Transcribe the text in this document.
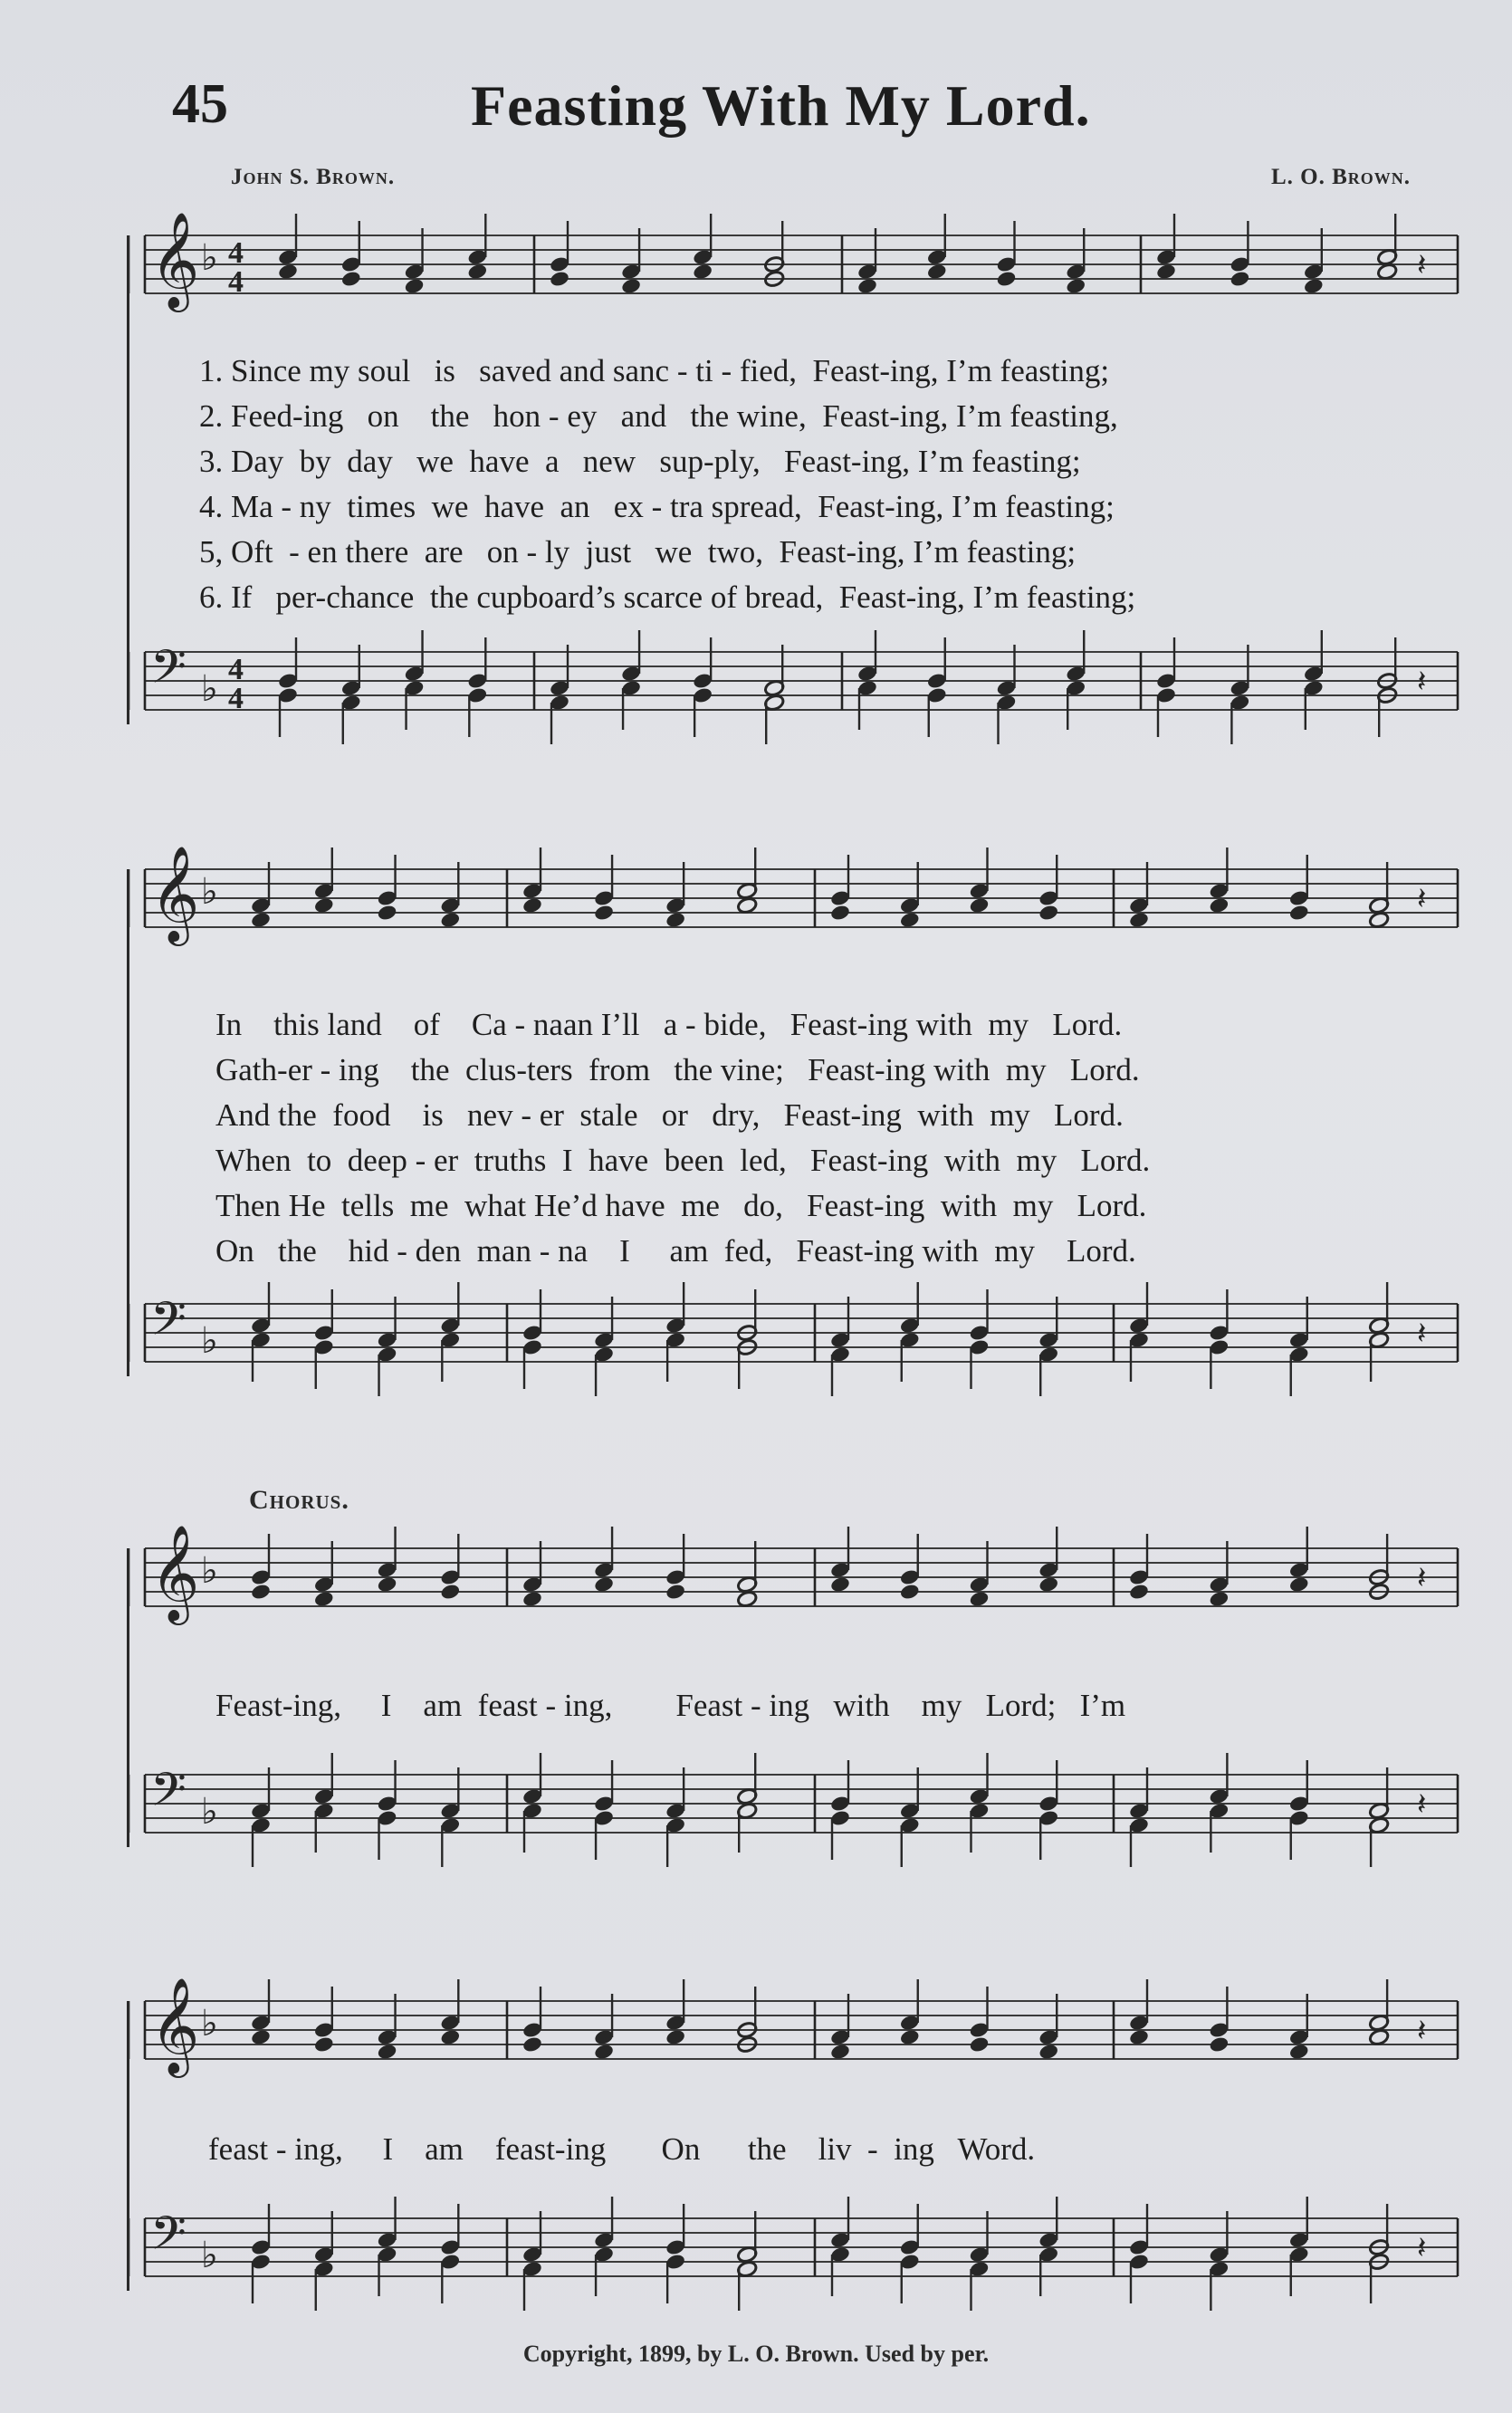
45	Feasting With My Lord.
John S. Brown.	L. O. Brown.
𝄞 ♭ 4
4	𝄽
𝄢 ♭ 4
4	𝄽
𝄞 ♭	𝄽
𝄢 ♭	𝄽
𝄞 ♭	𝄽
𝄢 ♭	𝄽
𝄞 ♭	𝄽
𝄢 ♭	𝄽
1. Since my soul   is   saved and sanc - ti - fied,  Feast-ing, I’m feasting;
2. Feed-ing   on    the   hon - ey   and   the wine,  Feast-ing, I’m feasting,
3. Day  by  day   we  have  a   new   sup-ply,   Feast-ing, I’m feasting;
4. Ma - ny  times  we  have  an   ex - tra spread,  Feast-ing, I’m feasting;
5, Oft  - en there  are   on - ly  just   we  two,  Feast-ing, I’m feasting;
6. If   per-chance  the cupboard’s scarce of bread,  Feast-ing, I’m feasting;
In    this land    of    Ca - naan I’ll   a - bide,   Feast-ing with  my   Lord.
Gath-er - ing    the  clus-ters  from   the vine;   Feast-ing with  my   Lord.
And the  food    is   nev - er  stale   or   dry,   Feast-ing  with  my   Lord.
When  to  deep - er  truths  I  have  been  led,   Feast-ing  with  my   Lord.
Then He  tells  me  what He’d have  me   do,   Feast-ing  with  my   Lord.
On   the    hid - den  man - na    I     am  fed,   Feast-ing with  my    Lord.
Chorus.
Feast-ing,     I    am  feast - ing,        Feast - ing   with    my   Lord;   I’m
feast - ing,     I    am    feast-ing       On      the    liv  -  ing   Word.
Copyright, 1899, by L. O. Brown. Used by per.
